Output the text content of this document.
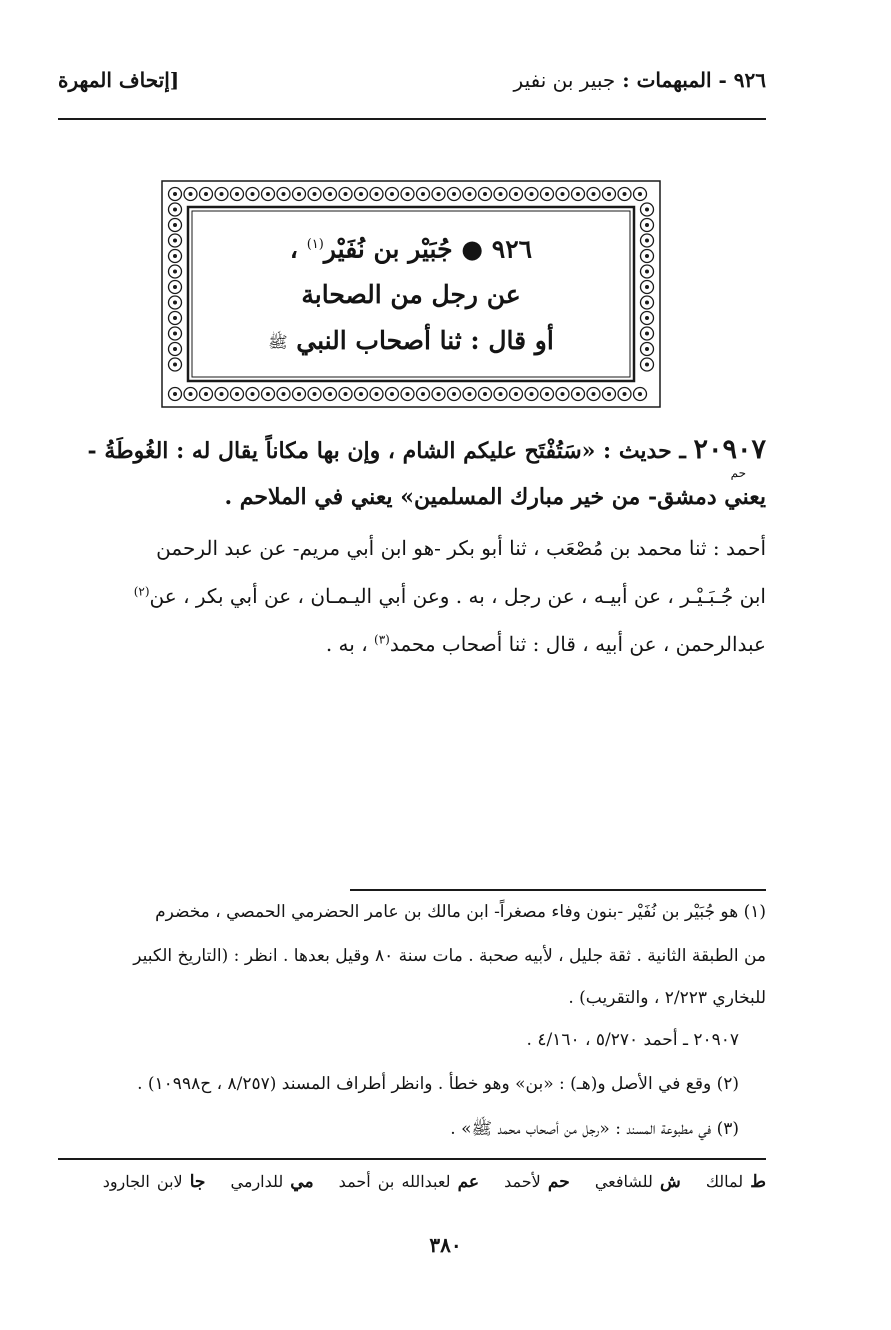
٩٢٦ - المبهمات : جبير بن نفير
[إتحاف المهرة
٩٢٦ ● جُبَيْر بن نُفَيْر$^{(١)}$ ،
عن رجل من الصحابة
أو قال : ثنا أصحاب النبي ﷺ
٢٠٩٠٧ ـ حديث : «سَتُفْتَح عليكم الشام ، وإن بها مكاناً يقال له : الغُوطَةُ -
حم
يعني دمشق- من خير مبارك المسلمين» يعني في الملاحم .
أحمد : ثنا محمد بن مُصْعَب ، ثنا أبو بكر -هو ابن أبي مريم- عن عبد الرحمن
ابن جُـبَـيْـر ، عن أبيـه ، عن رجل ، به . وعن أبي اليـمـان ، عن أبي بكر ، عن$^{(٢)}$
عبدالرحمن ، عن أبيه ، قال : ثنا أصحاب محمد$^{(٣)}$ ، به .
(١) هو جُبَيْر بن نُفَيْر -بنون وفاء مصغراً- ابن مالك بن عامر الحضرمي الحمصي ، مخضرم
من الطبقة الثانية . ثقة جليل ، لأبيه صحبة . مات سنة ٨٠ وقيل بعدها . انظر : (التاريخ الكبير
للبخاري ٢/٢٢٣ ، والتقريب) .
٢٠٩٠٧ ـ أحمد ٥/٢٧٠ ، ٤/١٦٠ .
(٢) وقع في الأصل و(هـ) : «بن» وهو خطأ . وانظر أطراف المسند (٨/٢٥٧ ، ح١٠٩٩٨) .
(٣) في مطبوعة المسند : «رجل من أصحاب محمد ﷺ» .
ط لمالك ش للشافعي حم لأحمد عم لعبدالله بن أحمد مي للدارمي جا لابن الجارود
٣٨٠
